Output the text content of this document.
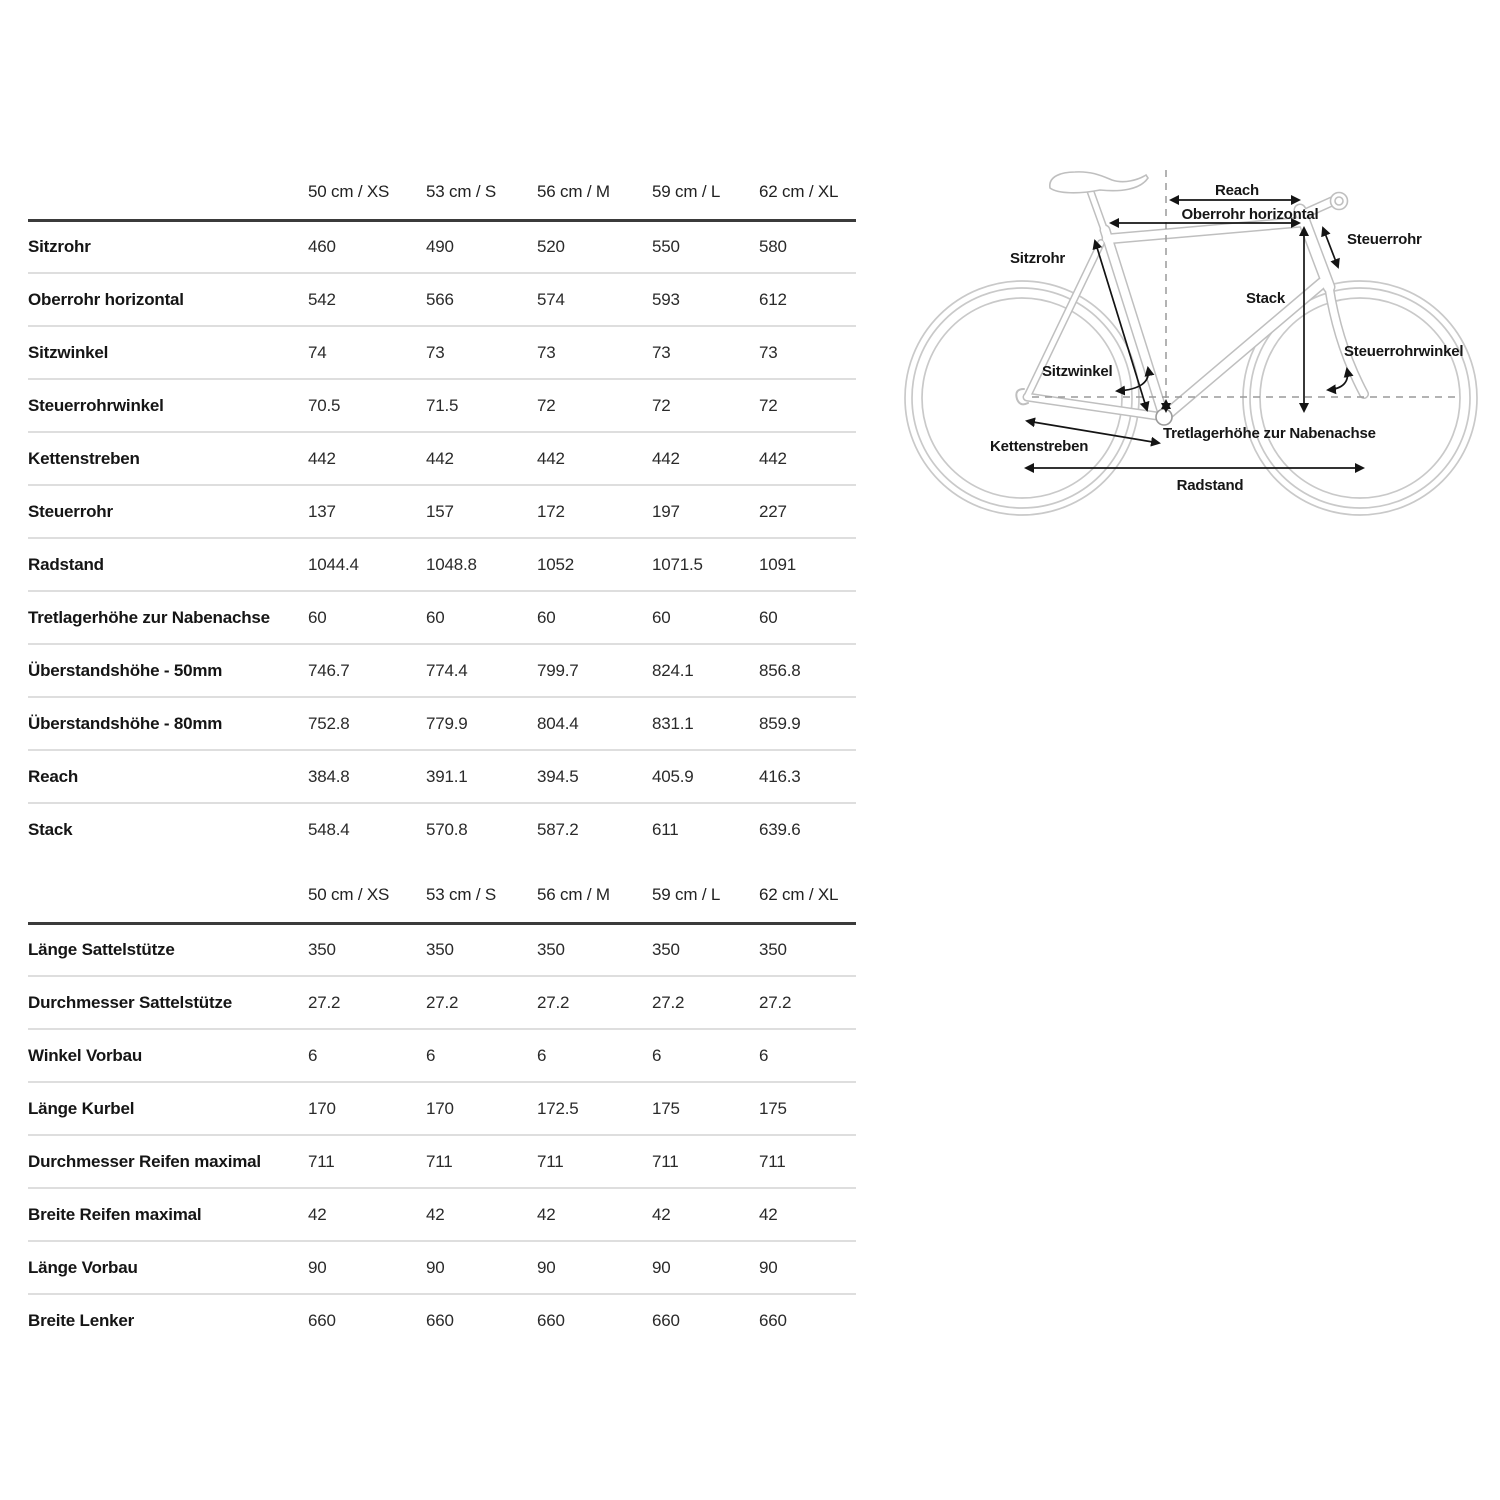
	50 cm / XS	53 cm / S	56 cm / M	59 cm / L	62 cm / XL
Sitzrohr	460	490	520	550	580
Oberrohr horizontal	542	566	574	593	612
Sitzwinkel	74	73	73	73	73
Steuerrohrwinkel	70.5	71.5	72	72	72
Kettenstreben	442	442	442	442	442
Steuerrohr	137	157	172	197	227
Radstand	1044.4	1048.8	1052	1071.5	1091
Tretlagerhöhe zur Nabenachse	60	60	60	60	60
Überstandshöhe - 50mm	746.7	774.4	799.7	824.1	856.8
Überstandshöhe - 80mm	752.8	779.9	804.4	831.1	859.9
Reach	384.8	391.1	394.5	405.9	416.3
Stack	548.4	570.8	587.2	611	639.6
	50 cm / XS	53 cm / S	56 cm / M	59 cm / L	62 cm / XL
Länge Sattelstütze	350	350	350	350	350
Durchmesser Sattelstütze	27.2	27.2	27.2	27.2	27.2
Winkel Vorbau	6	6	6	6	6
Länge Kurbel	170	170	172.5	175	175
Durchmesser Reifen maximal	711	711	711	711	711
Breite Reifen maximal	42	42	42	42	42
Länge Vorbau	90	90	90	90	90
Breite Lenker	660	660	660	660	660
Reach
Oberrohr horizontal
Steuerrohr
Sitzrohr
Stack
Steuerrohrwinkel
Sitzwinkel
Tretlagerhöhe zur Nabenachse
Kettenstreben
Radstand
